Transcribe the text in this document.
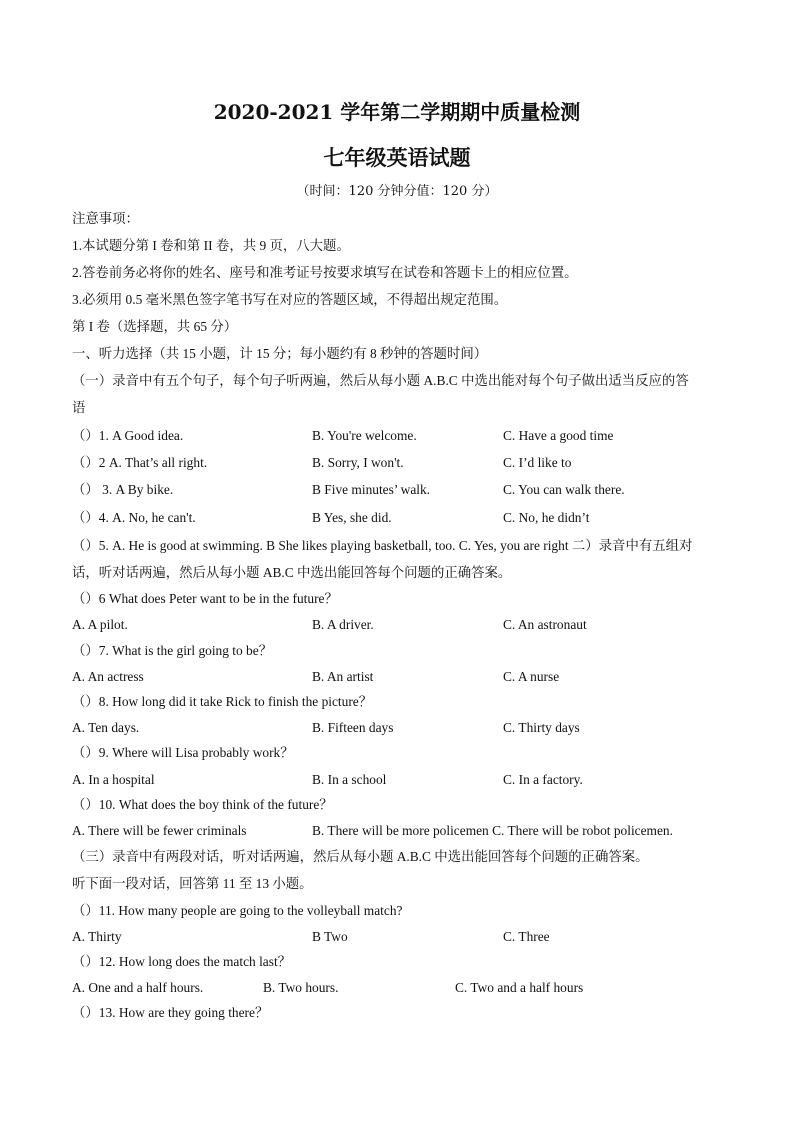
2020-2021 学年第二学期期中质量检测
七年级英语试题
（时间：120 分钟分值：120 分）
注意事项：
1.本试题分第 I 卷和第 II 卷，共 9 页，八大题。
2.答卷前务必将你的姓名、座号和准考证号按要求填写在试卷和答题卡上的相应位置。
3.必须用 0.5 毫米黑色签字笔书写在对应的答题区域，不得超出规定范围。
第 I 卷（选择题，共 65 分）
一、听力选择（共 15 小题，计 15 分；每小题约有 8 秒钟的答题时间）
（一）录音中有五个句子，每个句子听两遍，然后从每小题 A.B.C 中选出能对每个句子做出适当反应的答
语
（）1. A Good idea.	B. You're welcome.	C. Have a good time
（）2 A. That’s all right.	B. Sorry, I won't.	C. I’d like to
（） 3. A By bike.	B Five minutes’ walk.	C. You can walk there.
（）4. A. No, he can't.	B Yes, she did.	C. No, he didn’t
（）5. A. He is good at swimming. B She likes playing basketball, too. C. Yes, you are right 二）录音中有五组对
话，听对话两遍，然后从每小题 AB.C 中选出能回答每个问题的正确答案。
（）6 What does Peter want to be in the future？
A. A pilot.	B. A driver.	C. An astronaut
（）7. What is the girl going to be？
A. An actress	B. An artist	C. A nurse
（）8. How long did it take Rick to finish the picture？
A. Ten days.	B. Fifteen days	C. Thirty days
（）9. Where will Lisa probably work？
A. In a hospital	B. In a school	C. In a factory.
（）10. What does the boy think of the future？
A. There will be fewer criminals	B. There will be more policemen C. There will be robot policemen.
（三）录音中有两段对话，听对话两遍，然后从每小题 A.B.C 中选出能回答每个问题的正确答案。
听下面一段对话，回答第 11 至 13 小题。
（）11. How many people are going to the volleyball match?
A. Thirty	B Two	C. Three
（）12. How long does the match last？
A. One and a half hours.	B. Two hours.	C. Two and a half hours
（）13. How are they going there？
